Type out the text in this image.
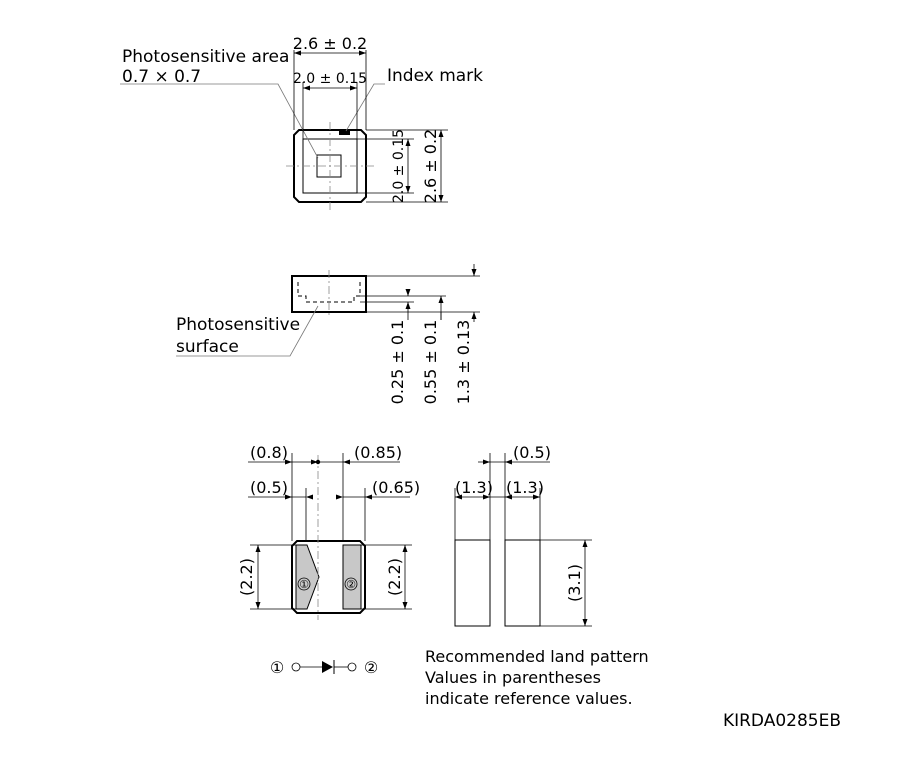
Photosensitive area
0.7 × 0.7	Index mark
2.6 ± 0.2
2.0 ± 0.15
2.0 ± 0.15 2.6 ± 0.2
Photosensitive
surface	0.25 ± 0.1 0.55 ± 0.1 1.3 ± 0.13
①	②
(0.8)	(0.85)
(0.5)	(0.65)
(2.2)	(2.2)
(0.5)
(1.3) (1.3)
(3.1)
①	②
Recommended land pattern
Values in parentheses
indicate reference values.
KIRDA0285EB
